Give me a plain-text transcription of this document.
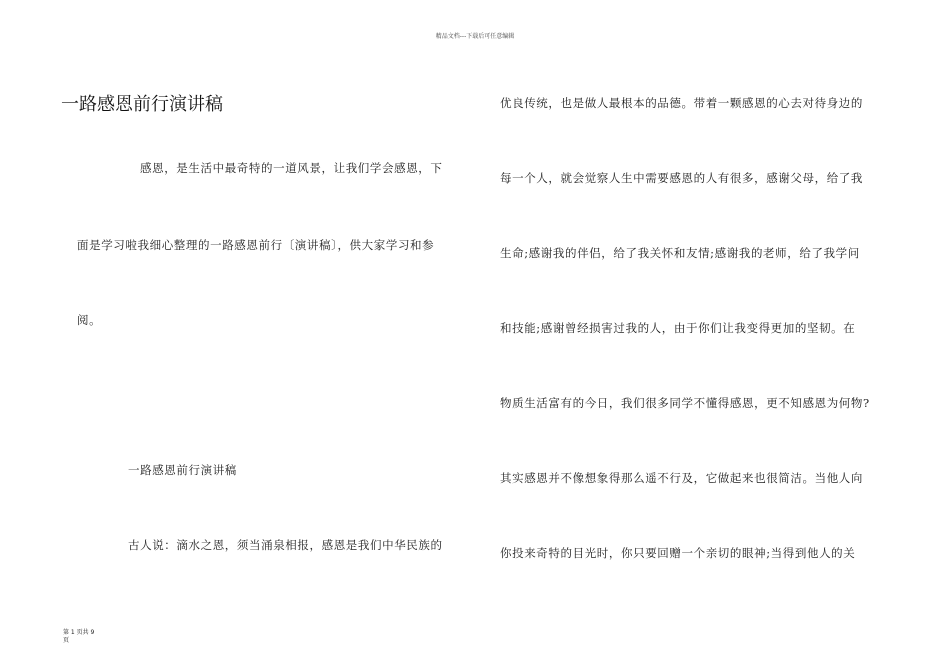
精品文档---下载后可任意编辑
一路感恩前行演讲稿
感恩，是生活中最奇特的一道风景，让我们学会感恩，下
面是学习啦我细心整理的一路感恩前行〔演讲稿〕，供大家学习和参
阅。
一路感恩前行演讲稿
古人说：滴水之恩，须当涌泉相报，感恩是我们中华民族的
优良传统，也是做人最根本的品德。带着一颗感恩的心去对待身边的
每一个人，就会觉察人生中需要感恩的人有很多，感谢父母，给了我
生命;感谢我的伴侣，给了我关怀和友情;感谢我的老师，给了我学问
和技能;感谢曾经损害过我的人，由于你们让我变得更加的坚韧。在
物质生活富有的今日，我们很多同学不懂得感恩，更不知感恩为何物?
其实感恩并不像想象得那么遥不行及，它做起来也很简洁。当他人向
你投来奇特的目光时，你只要回赠一个亲切的眼神;当得到他人的关
第 1 页共 9
页
